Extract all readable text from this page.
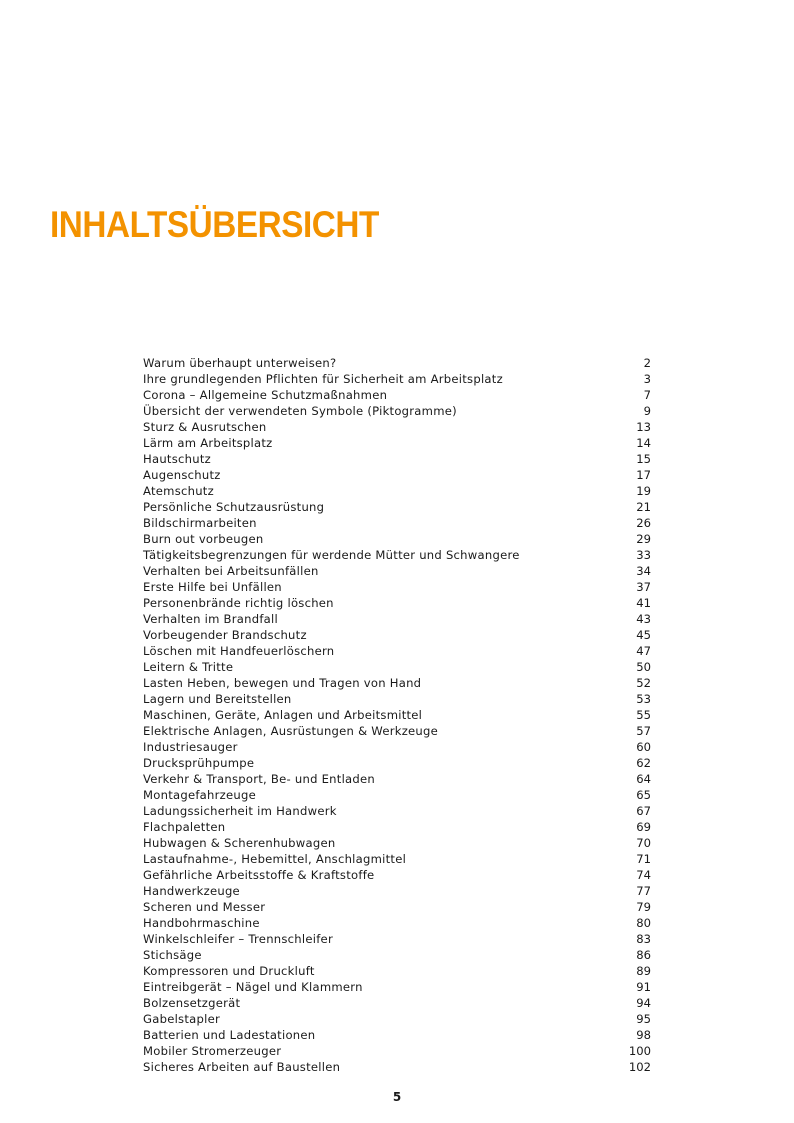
INHALTSÜBERSICHT
Warum überhaupt unterweisen?	2
Ihre grundlegenden Pflichten für Sicherheit am Arbeitsplatz	3
Corona – Allgemeine Schutzmaßnahmen	7
Übersicht der verwendeten Symbole (Piktogramme)	9
Sturz & Ausrutschen	13
Lärm am Arbeitsplatz	14
Hautschutz	15
Augenschutz	17
Atemschutz	19
Persönliche Schutzausrüstung	21
Bildschirmarbeiten	26
Burn out vorbeugen	29
Tätigkeitsbegrenzungen für werdende Mütter und Schwangere	33
Verhalten bei Arbeitsunfällen	34
Erste Hilfe bei Unfällen	37
Personenbrände richtig löschen	41
Verhalten im Brandfall	43
Vorbeugender Brandschutz	45
Löschen mit Handfeuerlöschern	47
Leitern & Tritte	50
Lasten Heben, bewegen und Tragen von Hand	52
Lagern und Bereitstellen	53
Maschinen, Geräte, Anlagen und Arbeitsmittel	55
Elektrische Anlagen, Ausrüstungen & Werkzeuge	57
Industriesauger	60
Drucksprühpumpe	62
Verkehr & Transport, Be- und Entladen	64
Montagefahrzeuge	65
Ladungssicherheit im Handwerk	67
Flachpaletten	69
Hubwagen & Scherenhubwagen	70
Lastaufnahme-, Hebemittel, Anschlagmittel	71
Gefährliche Arbeitsstoffe & Kraftstoffe	74
Handwerkzeuge	77
Scheren und Messer	79
Handbohrmaschine	80
Winkelschleifer – Trennschleifer	83
Stichsäge	86
Kompressoren und Druckluft	89
Eintreibgerät – Nägel und Klammern	91
Bolzensetzgerät	94
Gabelstapler	95
Batterien und Ladestationen	98
Mobiler Stromerzeuger	100
Sicheres Arbeiten auf Baustellen	102
5
